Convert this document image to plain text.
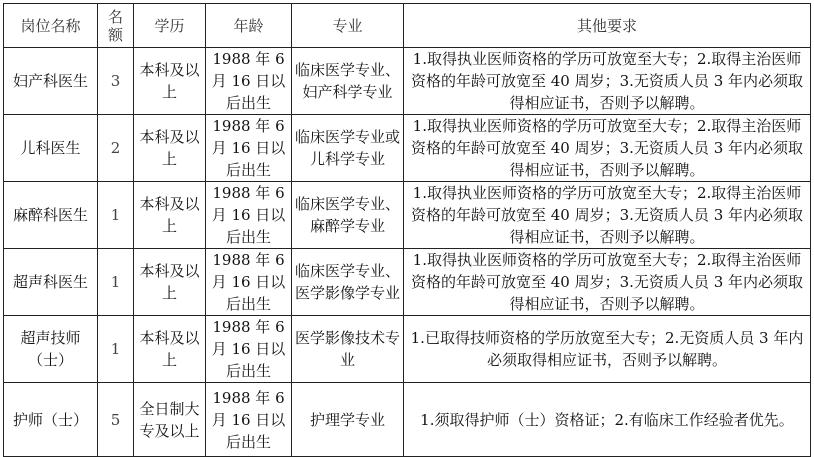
岗位名称	名额	学历	年龄	专业	其他要求
妇产科医生	3	本科及以上	1988 年 6 月 16 日以后出生	临床医学专业、妇产科学专业	1.取得执业医师资格的学历可放宽至大专；2.取得主治医师资格的年龄可放宽至 40 周岁；3.无资质人员 3 年内必须取得相应证书，否则予以解聘。
儿科医生	2	本科及以上	1988 年 6 月 16 日以后出生	临床医学专业或儿科学专业	1.取得执业医师资格的学历可放宽至大专；2.取得主治医师资格的年龄可放宽至 40 周岁；3.无资质人员 3 年内必须取得相应证书，否则予以解聘。
麻醉科医生	1	本科及以上	1988 年 6 月 16 日以后出生	临床医学专业、麻醉学专业	1.取得执业医师资格的学历可放宽至大专；2.取得主治医师资格的年龄可放宽至 40 周岁；3.无资质人员 3 年内必须取得相应证书，否则予以解聘。
超声科医生	1	本科及以上	1988 年 6 月 16 日以后出生	临床医学专业、医学影像学专业	1.取得执业医师资格的学历可放宽至大专；2.取得主治医师资格的年龄可放宽至 40 周岁；3.无资质人员 3 年内必须取得相应证书，否则予以解聘。
超声技师（士）	1	本科及以上	1988 年 6 月 16 日以后出生	医学影像技术专业	1.已取得技师资格的学历放宽至大专；2.无资质人员 3 年内必须取得相应证书，否则予以解聘。
护师（士）	5	全日制大专及以上	1988 年 6 月 16 日以后出生	护理学专业	1.须取得护师（士）资格证；2.有临床工作经验者优先。
